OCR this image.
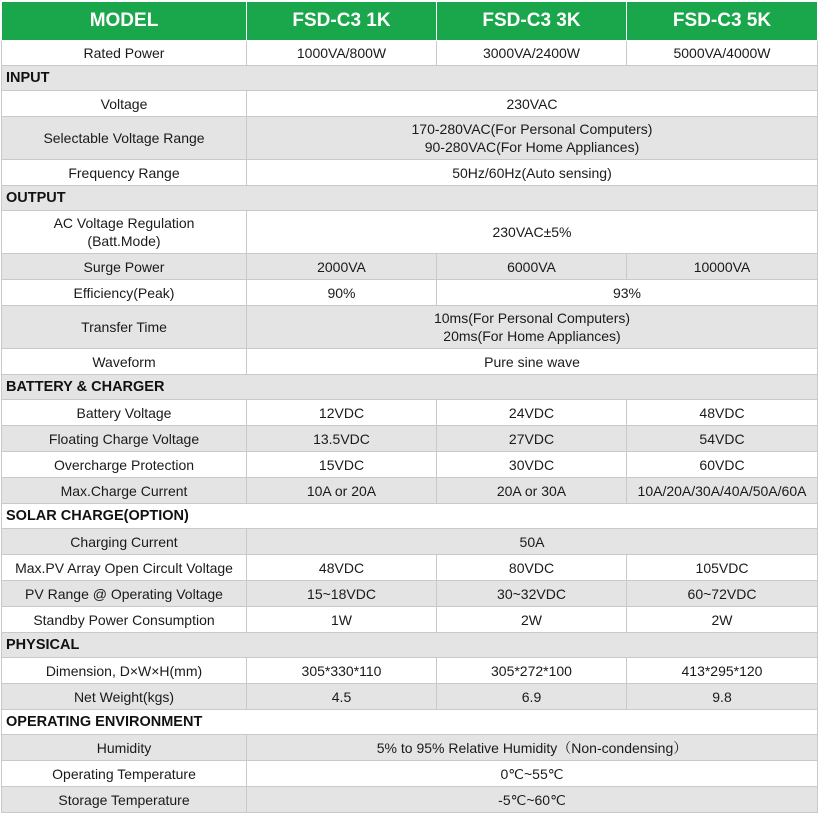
MODEL	FSD-C3 1K	FSD-C3 3K	FSD-C3 5K
Rated Power	1000VA/800W	3000VA/2400W	5000VA/4000W
INPUT			
Voltage	230VAC		
Selectable Voltage Range	170-280VAC(For Personal Computers)
90-280VAC(For Home Appliances)		

Frequency Range	50Hz/60Hz(Auto sensing)		
OUTPUT			

AC Voltage Regulation
(Batt.Mode)	230VAC±5%		
Surge Power	2000VA	6000VA	10000VA
Efficiency(Peak)	90%	93%	
Transfer Time	10ms(For Personal Computers)
20ms(For Home Appliances)		

Waveform	Pure sine wave		
BATTERY & CHARGER			
Battery Voltage	12VDC	24VDC	48VDC
Floating Charge Voltage	13.5VDC	27VDC	54VDC
Overcharge Protection	15VDC	30VDC	60VDC
Max.Charge Current	10A or 20A	20A or 30A	10A/20A/30A/40A/50A/60A
SOLAR CHARGE(OPTION)			
Charging Current	50A		
Max.PV Array Open Circult Voltage	48VDC	80VDC	105VDC
PV Range @ Operating Voltage	15~18VDC	30~32VDC	60~72VDC
Standby Power Consumption	1W	2W	2W
PHYSICAL			
Dimension, D×W×H(mm)	305*330*110	305*272*100	413*295*120
Net Weight(kgs)	4.5	6.9	9.8
OPERATING ENVIRONMENT			
Humidity	5% to 95% Relative Humidity（Non-condensing）		
Operating Temperature	0℃~55℃		
Storage Temperature	-5℃~60℃		
